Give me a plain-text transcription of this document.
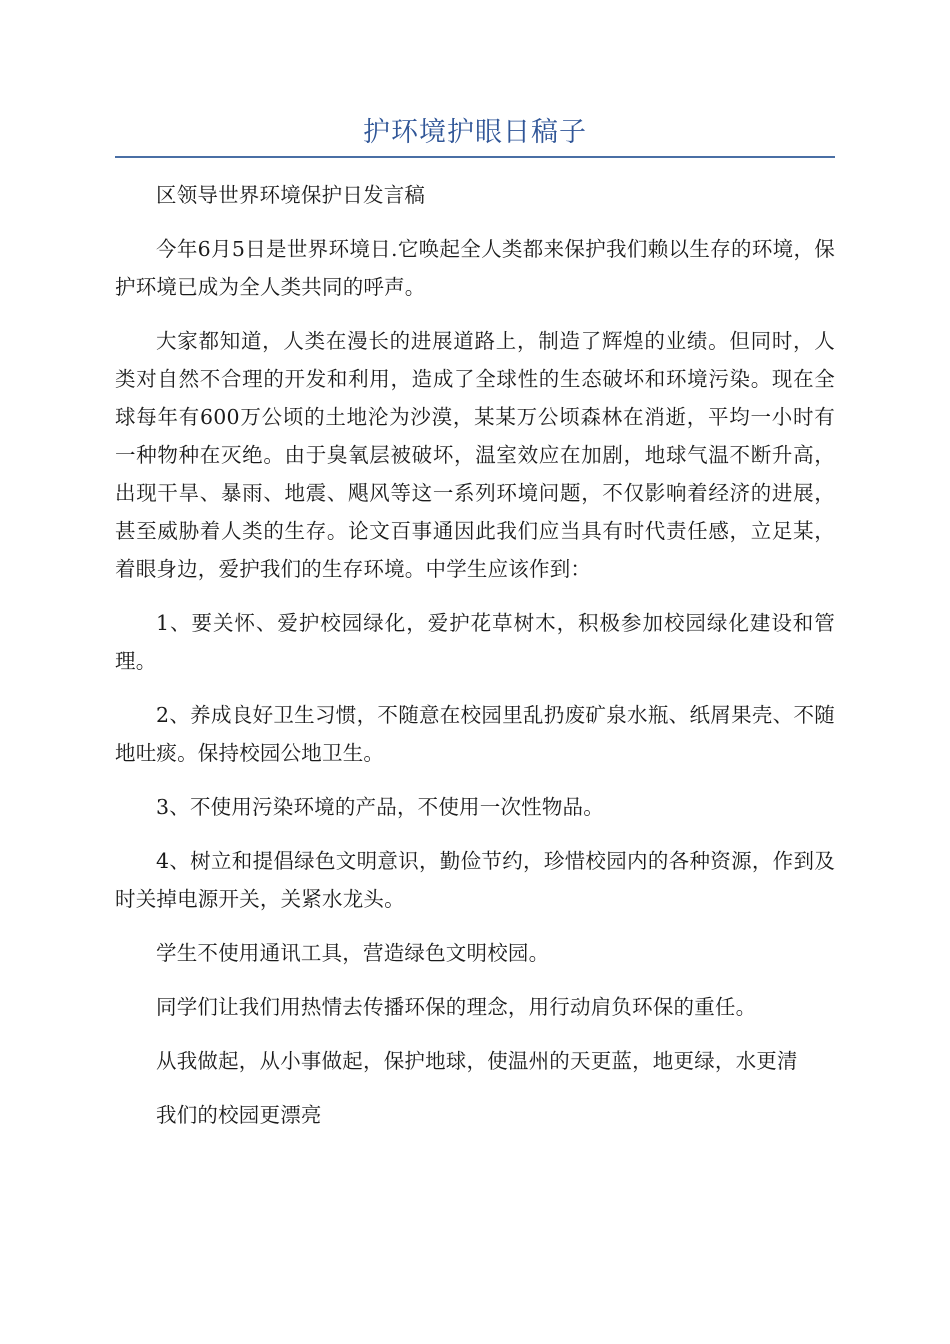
护环境护眼日稿子

区领导世界环境保护日发言稿

今年6月5日是世界环境日.它唤起全人类都来保护我们赖以生存的环境，保护环境已成为全人类共同的呼声。

大家都知道，人类在漫长的进展道路上，制造了辉煌的业绩。但同时，人类对自然不合理的开发和利用，造成了全球性的生态破坏和环境污染。现在全球每年有600万公顷的土地沦为沙漠，某某万公顷森林在消逝，平均一小时有一种物种在灭绝。由于臭氧层被破坏，温室效应在加剧，地球气温不断升高，出现干旱、暴雨、地震、飓风等这一系列环境问题，不仅影响着经济的进展，甚至威胁着人类的生存。论文百事通因此我们应当具有时代责任感，立足某，着眼身边，爱护我们的生存环境。中学生应该作到：

1、要关怀、爱护校园绿化，爱护花草树木，积极参加校园绿化建设和管理。

2、养成良好卫生习惯，不随意在校园里乱扔废矿泉水瓶、纸屑果壳、不随地吐痰。保持校园公地卫生。

3、不使用污染环境的产品，不使用一次性物品。

4、树立和提倡绿色文明意识，勤俭节约，珍惜校园内的各种资源，作到及时关掉电源开关，关紧水龙头。

学生不使用通讯工具，营造绿色文明校园。

同学们让我们用热情去传播环保的理念，用行动肩负环保的重任。

从我做起，从小事做起，保护地球，使温州的天更蓝，地更绿，水更清

我们的校园更漂亮
